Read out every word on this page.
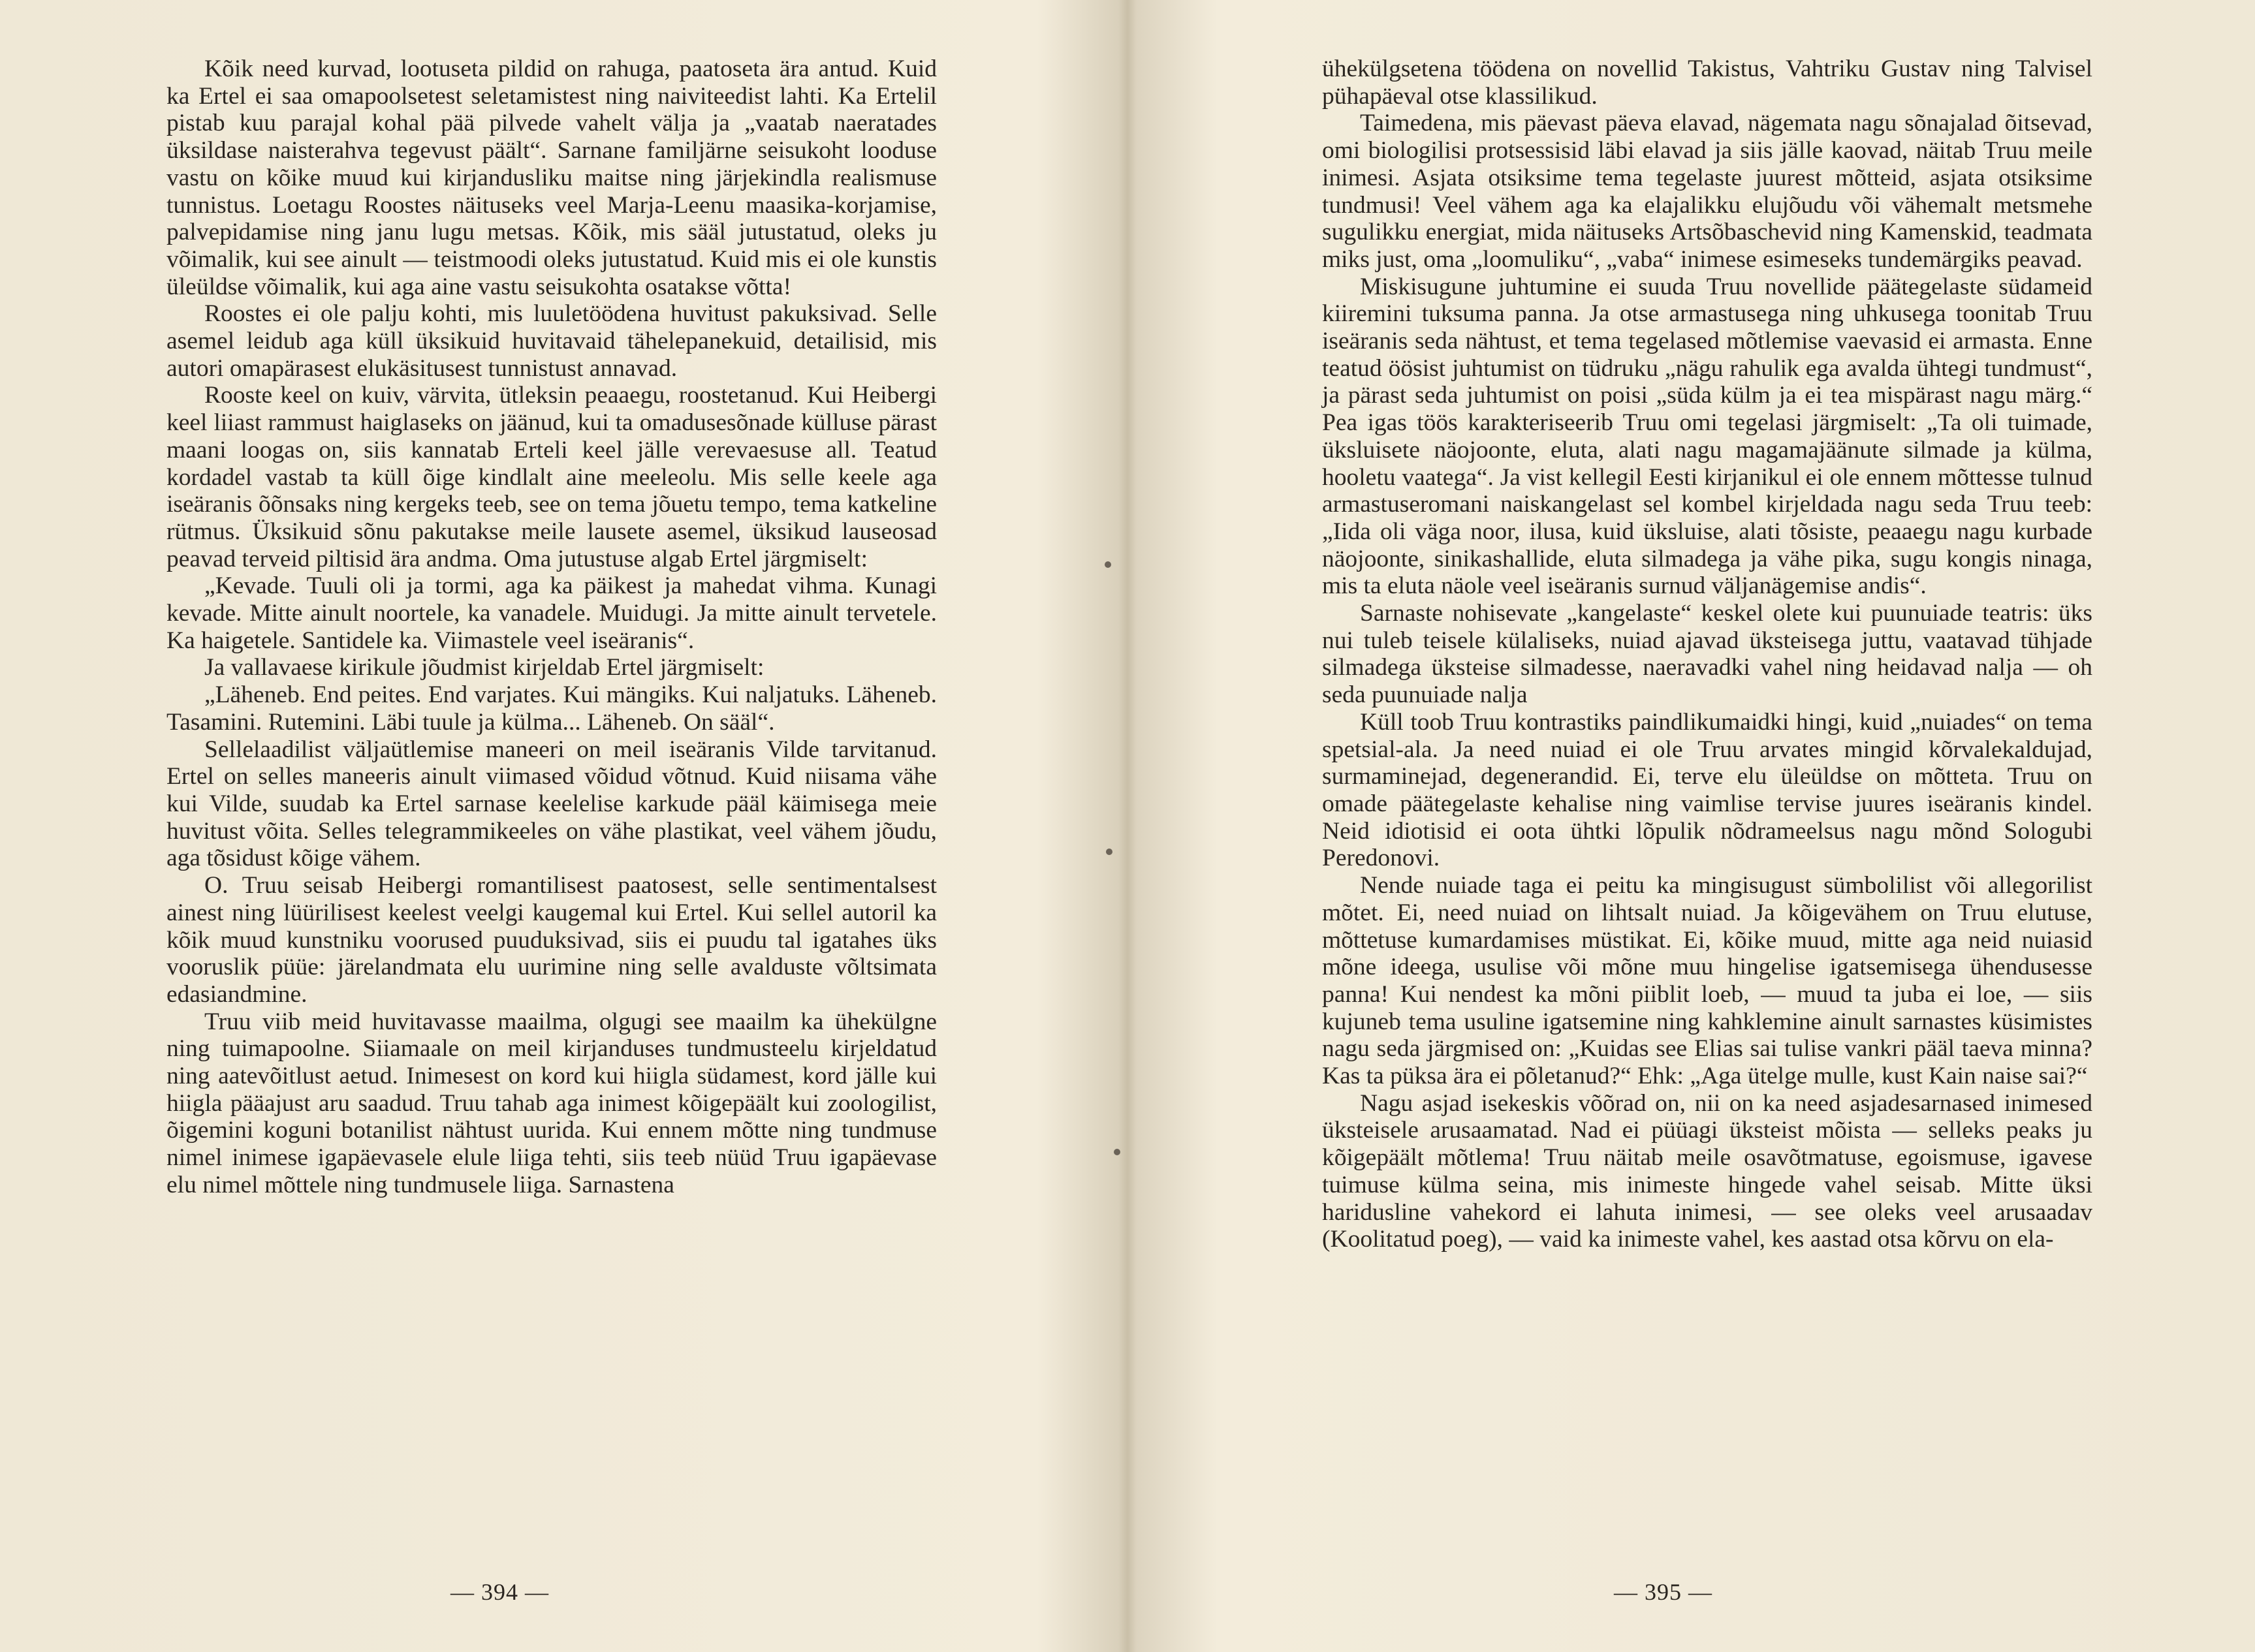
Kõik need kurvad, lootuseta pildid on rahuga, paatoseta ära antud. Kuid ka Ertel ei saa omapoolsetest seletamistest ning naiviteedist lahti. Ka Ertelil pistab kuu parajal kohal pää pilvede vahelt välja ja „vaatab naeratades üksildase naisterahva tegevust päält“. Sarnane familjärne seisukoht looduse vastu on kõike muud kui kirjandusliku maitse ning järjekindla realismuse tunnistus. Loetagu Roostes näituseks veel Marja-Leenu maasika-korjamise, palvepidamise ning janu lugu metsas. Kõik, mis sääl jutustatud, oleks ju võimalik, kui see ainult — teistmoodi oleks jutustatud. Kuid mis ei ole kunstis üleüldse võimalik, kui aga aine vastu seisukohta osatakse võtta!

Roostes ei ole palju kohti, mis luuletöödena huvitust pakuksivad. Selle asemel leidub aga küll üksikuid huvitavaid tähelepanekuid, detailisid, mis autori omapärasest elukäsitusest tunnistust annavad.

Rooste keel on kuiv, värvita, ütleksin peaaegu, roostetanud. Kui Heibergi keel liiast rammust haiglaseks on jäänud, kui ta omadusesõnade külluse pärast maani loogas on, siis kannatab Erteli keel jälle verevaesuse all. Teatud kordadel vastab ta küll õige kindlalt aine meeleolu. Mis selle keele aga iseäranis õõnsaks ning kergeks teeb, see on tema jõuetu tempo, tema katkeline rütmus. Üksikuid sõnu pakutakse meile lausete asemel, üksikud lauseosad peavad terveid piltisid ära andma. Oma jutustuse algab Ertel järgmiselt:

„Kevade. Tuuli oli ja tormi, aga ka päikest ja mahedat vihma. Kunagi kevade. Mitte ainult noortele, ka vanadele. Muidugi. Ja mitte ainult tervetele. Ka haigetele. Santidele ka. Viimastele veel iseäranis“.

Ja vallavaese kirikule jõudmist kirjeldab Ertel järgmiselt:

„Läheneb. End peites. End varjates. Kui mängiks. Kui naljatuks. Läheneb. Tasamini. Rutemini. Läbi tuule ja külma... Läheneb. On sääl“.

Sellelaadilist väljaütlemise maneeri on meil iseäranis Vilde tarvitanud. Ertel on selles maneeris ainult viimased võidud võtnud. Kuid niisama vähe kui Vilde, suudab ka Ertel sarnase keelelise karkude pääl käimisega meie huvitust võita. Selles telegrammikeeles on vähe plastikat, veel vähem jõudu, aga tõsidust kõige vähem.

O. Truu seisab Heibergi romantilisest paatosest, selle sentimentalsest ainest ning lüürilisest keelest veelgi kaugemal kui Ertel. Kui sellel autoril ka kõik muud kunstniku voorused puuduksivad, siis ei puudu tal igatahes üks vooruslik püüe: järelandmata elu uurimine ning selle avalduste võltsimata edasiandmine.

Truu viib meid huvitavasse maailma, olgugi see maailm ka ühekülgne ning tuimapoolne. Siiamaale on meil kirjanduses tundmusteelu kirjeldatud ning aatevõitlust aetud. Inimesest on kord kui hiigla südamest, kord jälle kui hiigla pääajust aru saadud. Truu tahab aga inimest kõigepäält kui zoologilist, õigemini koguni botanilist nähtust uurida. Kui ennem mõtte ning tundmuse nimel inimese igapäevasele elule liiga tehti, siis teeb nüüd Truu igapäevase elu nimel mõttele ning tundmusele liiga. Sarnastena

— 394 —

ühekülgsetena töödena on novellid Takistus, Vahtriku Gustav ning Talvisel pühapäeval otse klassilikud.

Taimedena, mis päevast päeva elavad, nägemata nagu sõnajalad õitsevad, omi biologilisi protsessisid läbi elavad ja siis jälle kaovad, näitab Truu meile inimesi. Asjata otsiksime tema tegelaste juurest mõtteid, asjata otsiksime tundmusi! Veel vähem aga ka elajalikku elujõudu või vähemalt metsmehe sugulikku energiat, mida näituseks Artsõbaschevid ning Kamenskid, teadmata miks just, oma „loomuliku“, „vaba“ inimese esimeseks tundemärgiks peavad.

Miskisugune juhtumine ei suuda Truu novellide päätegelaste südameid kiiremini tuksuma panna. Ja otse armastusega ning uhkusega toonitab Truu iseäranis seda nähtust, et tema tegelased mõtlemise vaevasid ei armasta. Enne teatud öösist juhtumist on tüdruku „nägu rahulik ega avalda ühtegi tundmust“, ja pärast seda juhtumist on poisi „süda külm ja ei tea mispärast nagu märg.“ Pea igas töös karakteriseerib Truu omi tegelasi järgmiselt: „Ta oli tuimade, üksluisete näojoonte, eluta, alati nagu magamajäänute silmade ja külma, hooletu vaatega“. Ja vist kellegil Eesti kirjanikul ei ole ennem mõttesse tulnud armastuseromani naiskangelast sel kombel kirjeldada nagu seda Truu teeb: „Iida oli väga noor, ilusa, kuid üksluise, alati tõsiste, peaaegu nagu kurbade näojoonte, sinikashallide, eluta silmadega ja vähe pika, sugu kongis ninaga, mis ta eluta näole veel iseäranis surnud väljanägemise andis“.

Sarnaste nohisevate „kangelaste“ keskel olete kui puunuiade teatris: üks nui tuleb teisele külaliseks, nuiad ajavad üksteisega juttu, vaatavad tühjade silmadega üksteise silmadesse, naeravadki vahel ning heidavad nalja — oh seda puunuiade nalja

Küll toob Truu kontrastiks paindlikumaidki hingi, kuid „nuiades“ on tema spetsial-ala. Ja need nuiad ei ole Truu arvates mingid kõrvalekaldujad, surmaminejad, degenerandid. Ei, terve elu üleüldse on mõtteta. Truu on omade päätegelaste kehalise ning vaimlise tervise juures iseäranis kindel. Neid idiotisid ei oota ühtki lõpulik nõdrameelsus nagu mõnd Sologubi Peredonovi.

Nende nuiade taga ei peitu ka mingisugust sümbolilist või allegorilist mõtet. Ei, need nuiad on lihtsalt nuiad. Ja kõigevähem on Truu elutuse, mõttetuse kumardamises müstikat. Ei, kõike muud, mitte aga neid nuiasid mõne ideega, usulise või mõne muu hingelise igatsemisega ühendusesse panna! Kui nendest ka mõni piiblit loeb, — muud ta juba ei loe, — siis kujuneb tema usuline igatsemine ning kahklemine ainult sarnastes küsimistes nagu seda järgmised on: „Kuidas see Elias sai tulise vankri pääl taeva minna? Kas ta püksa ära ei põletanud?“ Ehk: „Aga ütelge mulle, kust Kain naise sai?“

Nagu asjad isekeskis võõrad on, nii on ka need asjadesarnased inimesed üksteisele arusaamatad. Nad ei püüagi üksteist mõista — selleks peaks ju kõigepäält mõtlema! Truu näitab meile osavõtmatuse, egoismuse, igavese tuimuse külma seina, mis inimeste hingede vahel seisab. Mitte üksi haridusline vahekord ei lahuta inimesi, — see oleks veel arusaadav (Koolitatud poeg), — vaid ka inimeste vahel, kes aastad otsa kõrvu on ela-

— 395 —
